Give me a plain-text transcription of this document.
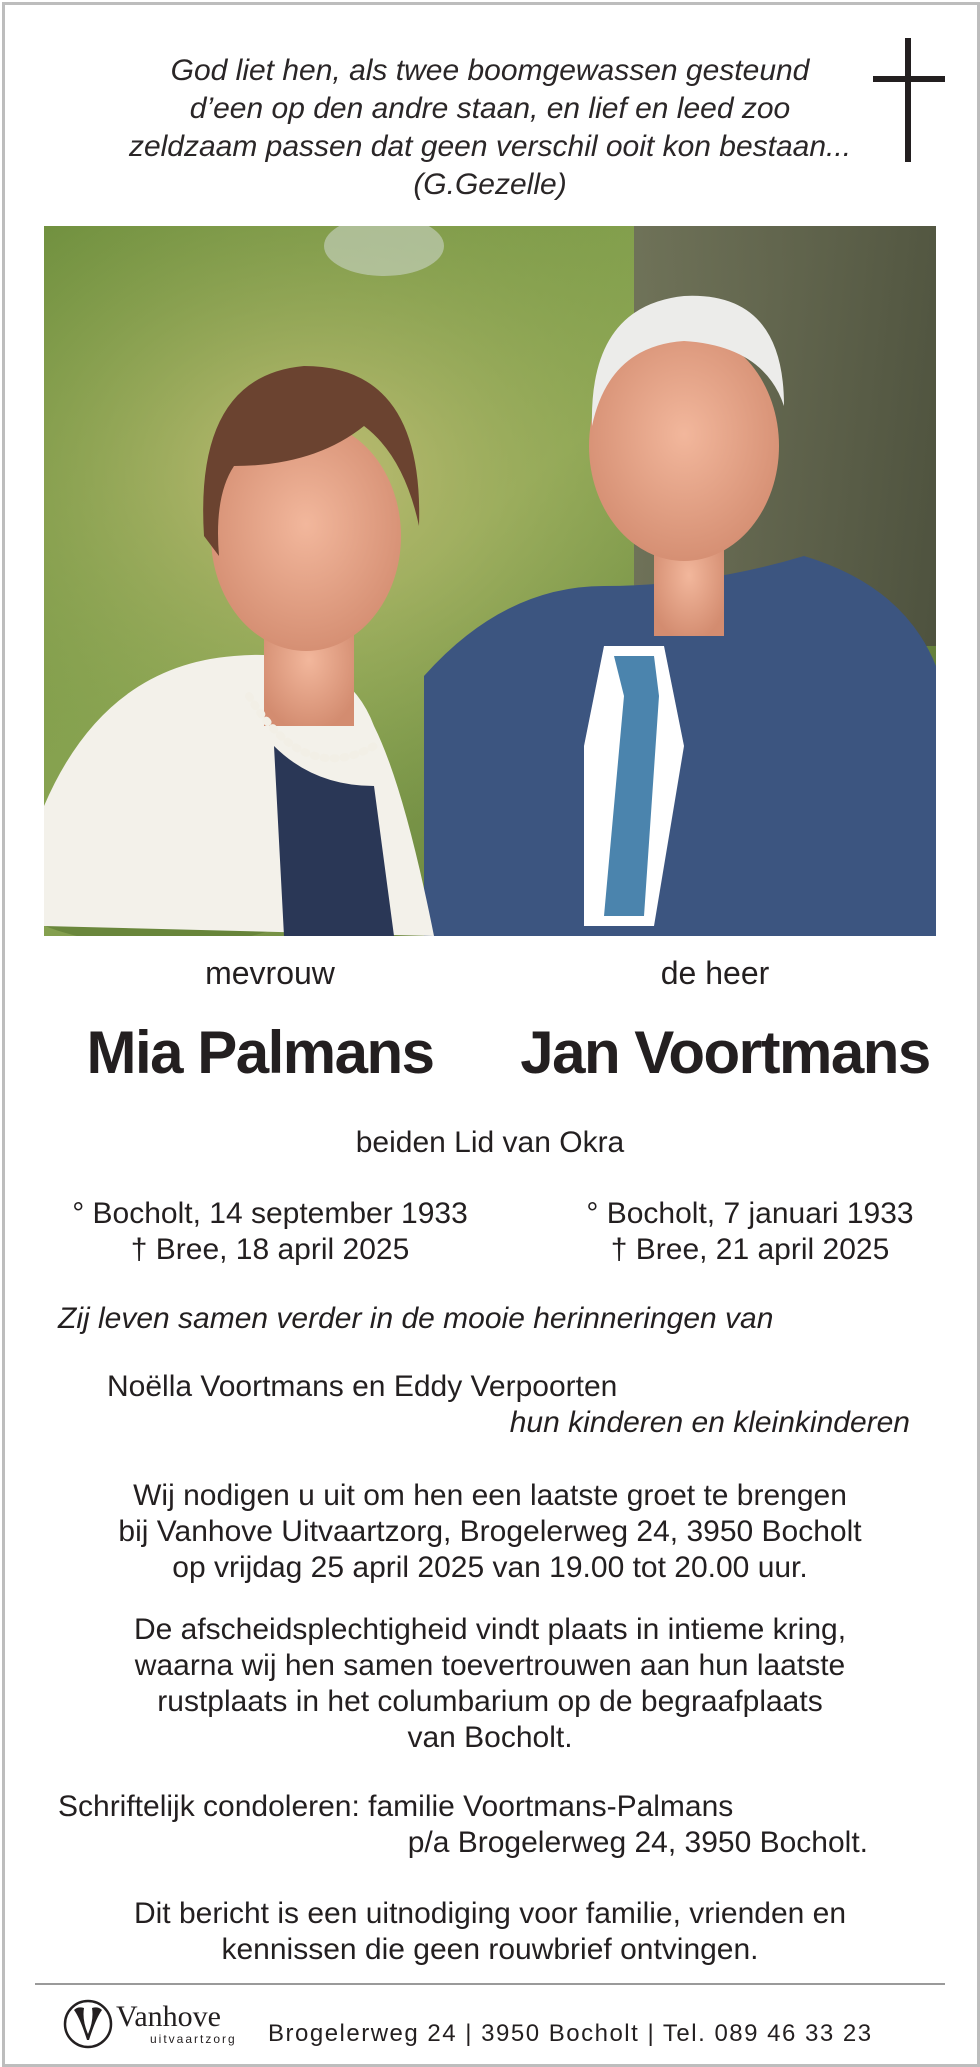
God liet hen, als twee boomgewassen gesteund
d’een op den andre staan, en lief en leed zoo
zeldzaam passen dat geen verschil ooit kon bestaan...
(G.Gezelle)
mevrouw	de heer
Mia Palmans	Jan Voortmans
beiden Lid van Okra
° Bocholt, 14 september 1933
† Bree, 18 april 2025
° Bocholt, 7 januari 1933
† Bree, 21 april 2025
Zij leven samen verder in de mooie herinneringen van
Noëlla Voortmans en Eddy Verpoorten
hun kinderen en kleinkinderen
Wij nodigen u uit om hen een laatste groet te brengen
bij Vanhove Uitvaartzorg, Brogelerweg 24, 3950 Bocholt
op vrijdag 25 april 2025 van 19.00 tot 20.00 uur.
De afscheidsplechtigheid vindt plaats in intieme kring,
waarna wij hen samen toevertrouwen aan hun laatste
rustplaats in het columbarium op de begraafplaats
van Bocholt.
Schriftelijk condoleren: familie Voortmans-Palmans
p/a Brogelerweg 24, 3950 Bocholt.
Dit bericht is een uitnodiging voor familie, vrienden en
kennissen die geen rouwbrief ontvingen.
Vanhove
uitvaartzorg Brogelerweg 24 | 3950 Bocholt | Tel. 089 46 33 23
